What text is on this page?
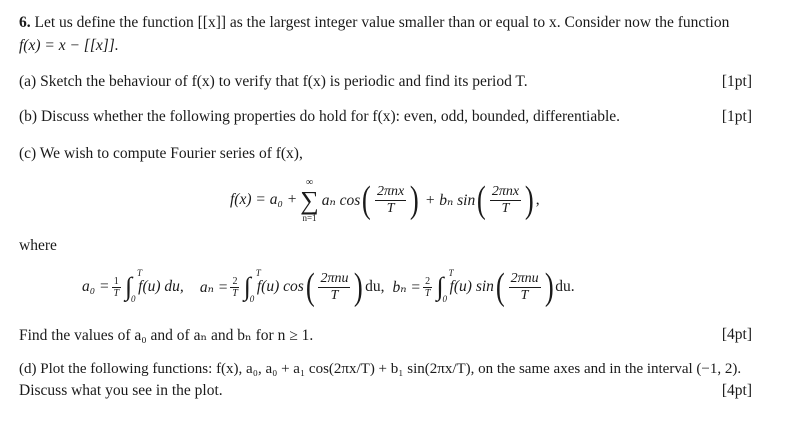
6. Let us define the function [[x]] as the largest integer value smaller than or equal to x. Consider now the function
f(x) = x − [[x]].
(a) Sketch the behaviour of f(x) to verify that f(x) is periodic and find its period T.	[1pt]
(b) Discuss whether the following properties do hold for f(x): even, odd, bounded, differentiable.	[1pt]
(c) We wish to compute Fourier series of f(x),
f(x) = a₀ +
∞
∑
n=1
aₙ cos ( $\frac{\text{2πnx}}{T}$ ) + bₙ sin ( $\frac{\text{2πnx}}{T}$ ) ,
where
$a_0 = \frac{1}{T}$ ∫ T
0
f(u) du, $a_n = \frac{2}{T}$ ∫ T
0
f(u) cos ( $\frac{\text{2πnu}}{T}$ ) du, $b_n = \frac{2}{T}$ ∫ T
0
f(u) sin ( $\frac{\text{2πnu}}{T}$ ) du.
Find the values of a₀ and of aₙ and bₙ for n ≥ 1.	[4pt]
(d) Plot the following functions: f(x), a₀, a₀ + a₁ cos(2πx/T) + b₁ sin(2πx/T), on the same axes and in the interval (−1, 2).
Discuss what you see in the plot.	[4pt]
